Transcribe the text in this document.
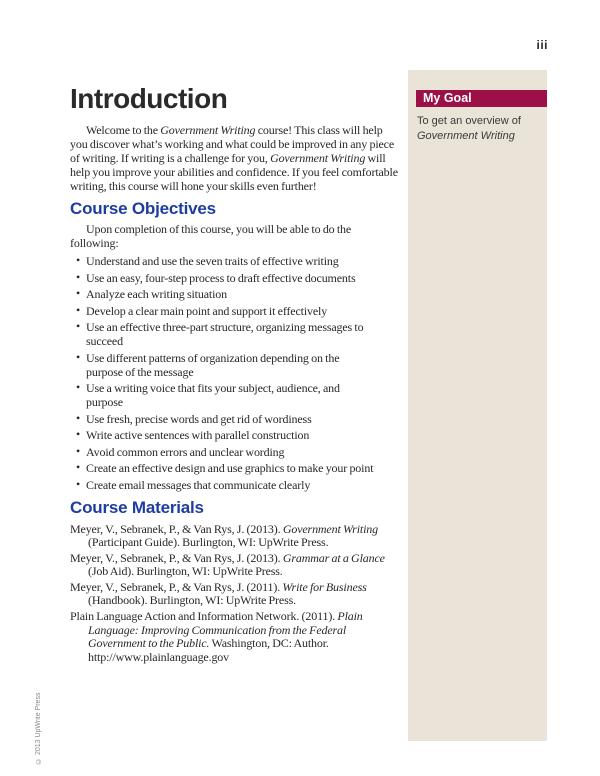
iii
© 2013 UpWrite Press
My Goal
To get an overview of
Government Writing
Introduction

Welcome to the Government Writing course! This class will help you discover what’s working and what could be improved in any piece of writing. If writing is a challenge for you, Government Writing will help you improve your abilities and confidence. If you feel comfortable writing, this course will hone your skills even further!

Course Objectives

Upon completion of this course, you will be able to do the following:

• Understand and use the seven traits of effective writing
• Use an easy, four-step process to draft effective documents
• Analyze each writing situation
• Develop a clear main point and support it effectively
• Use an effective three-part structure, organizing messages to succeed
• Use different patterns of organization depending on the purpose of the message
• Use a writing voice that fits your subject, audience, and purpose
• Use fresh, precise words and get rid of wordiness
• Write active sentences with parallel construction
• Avoid common errors and unclear wording
• Create an effective design and use graphics to make your point
• Create email messages that communicate clearly
Course Materials
Meyer, V., Sebranek, P., & Van Rys, J. (2013). Government Writing (Participant Guide). Burlington, WI: UpWrite Press.
Meyer, V., Sebranek, P., & Van Rys, J. (2013). Grammar at a Glance (Job Aid). Burlington, WI: UpWrite Press.
Meyer, V., Sebranek, P., & Van Rys, J. (2011). Write for Business (Handbook). Burlington, WI: UpWrite Press.
Plain Language Action and Information Network. (2011). Plain Language: Improving Communication from the Federal Government to the Public. Washington, DC: Author. http://www.plainlanguage.gov
